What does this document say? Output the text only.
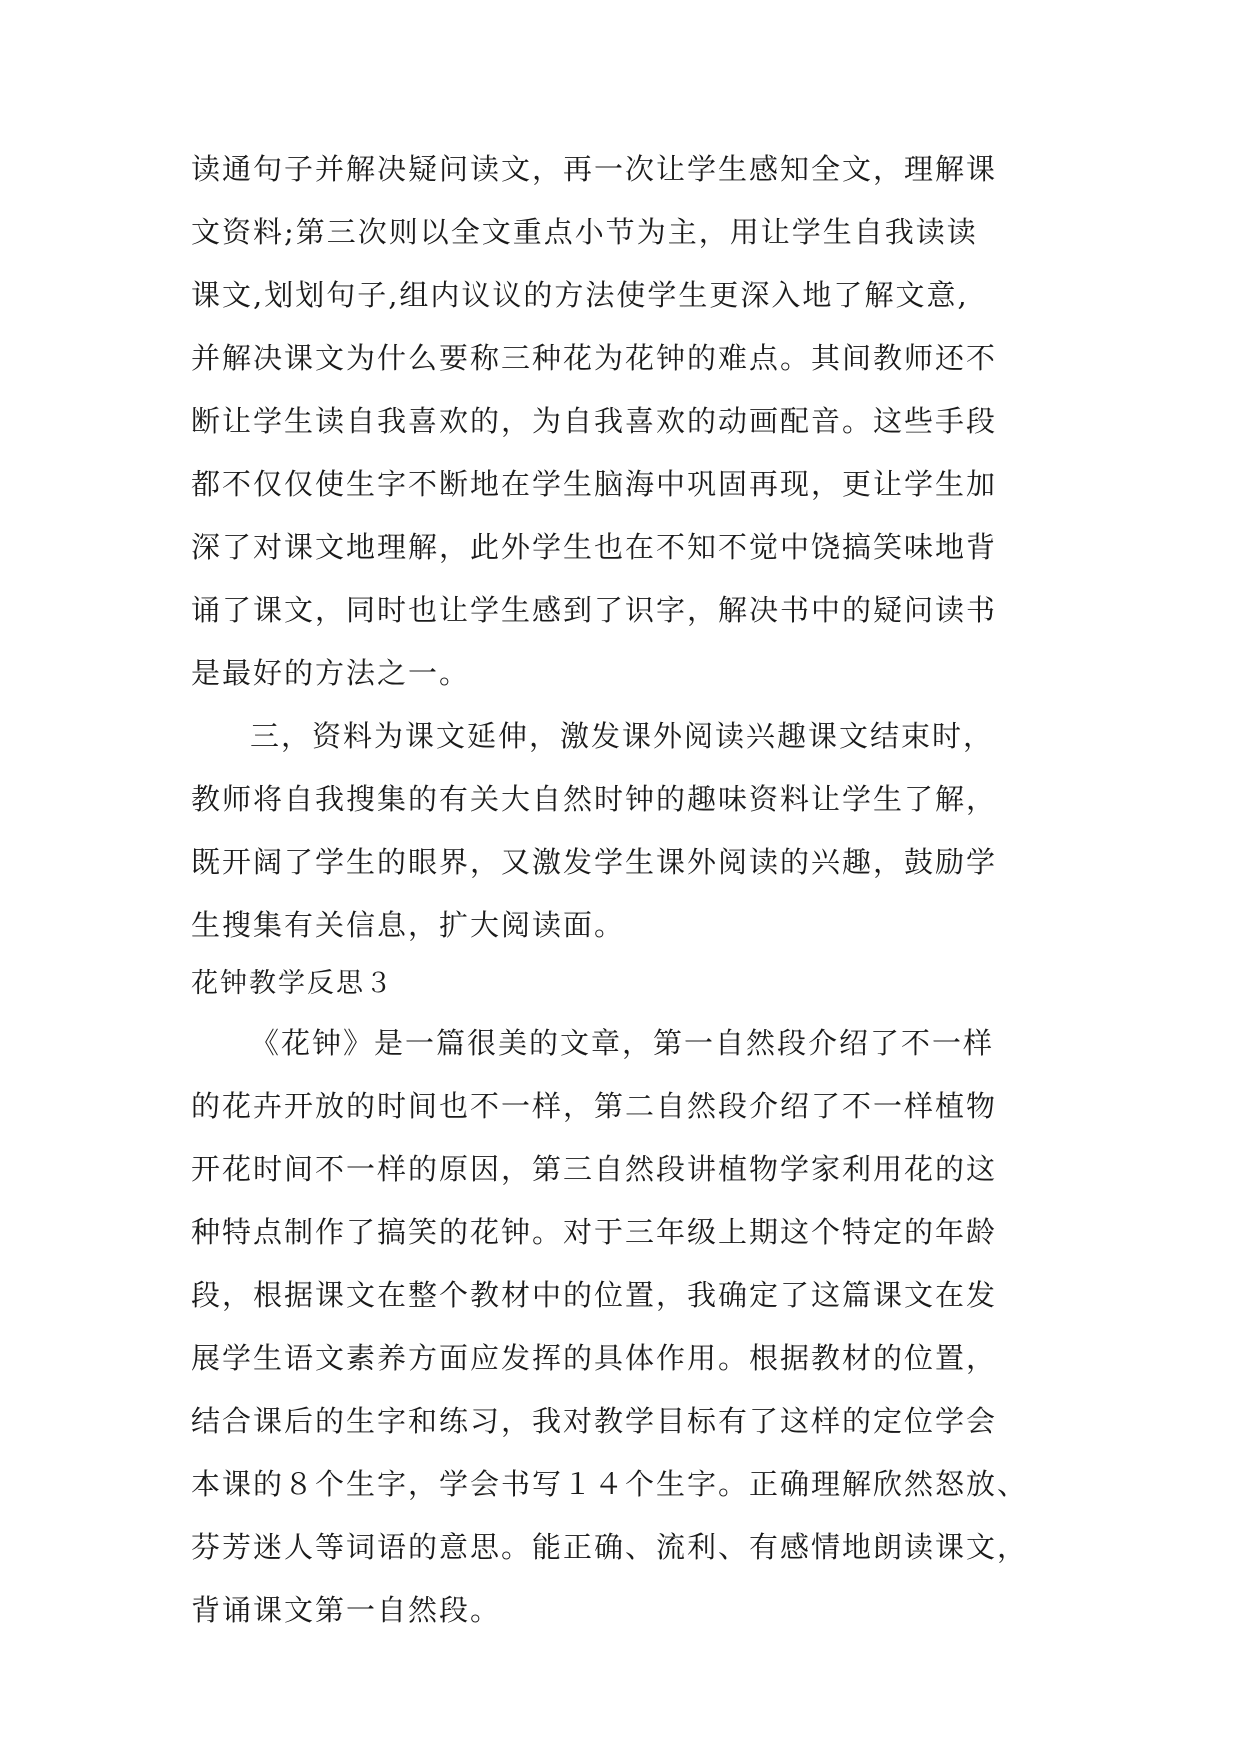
读通句子并解决疑问读文，再一次让学生感知全文，理解课
文资料;第三次则以全文重点小节为主，用让学生自我读读
课文,划划句子,组内议议的方法使学生更深入地了解文意,
并解决课文为什么要称三种花为花钟的难点。其间教师还不
断让学生读自我喜欢的，为自我喜欢的动画配音。这些手段
都不仅仅使生字不断地在学生脑海中巩固再现，更让学生加
深了对课文地理解，此外学生也在不知不觉中饶搞笑味地背
诵了课文，同时也让学生感到了识字，解决书中的疑问读书
是最好的方法之一。
三，资料为课文延伸，激发课外阅读兴趣课文结束时，
教师将自我搜集的有关大自然时钟的趣味资料让学生了解，
既开阔了学生的眼界，又激发学生课外阅读的兴趣，鼓励学
生搜集有关信息，扩大阅读面。
花钟教学反思３
《花钟》是一篇很美的文章，第一自然段介绍了不一样
的花卉开放的时间也不一样，第二自然段介绍了不一样植物
开花时间不一样的原因，第三自然段讲植物学家利用花的这
种特点制作了搞笑的花钟。对于三年级上期这个特定的年龄
段，根据课文在整个教材中的位置，我确定了这篇课文在发
展学生语文素养方面应发挥的具体作用。根据教材的位置，
结合课后的生字和练习，我对教学目标有了这样的定位学会
本课的８个生字，学会书写１４个生字。正确理解欣然怒放、
芬芳迷人等词语的意思。能正确、流利、有感情地朗读课文，
背诵课文第一自然段。
